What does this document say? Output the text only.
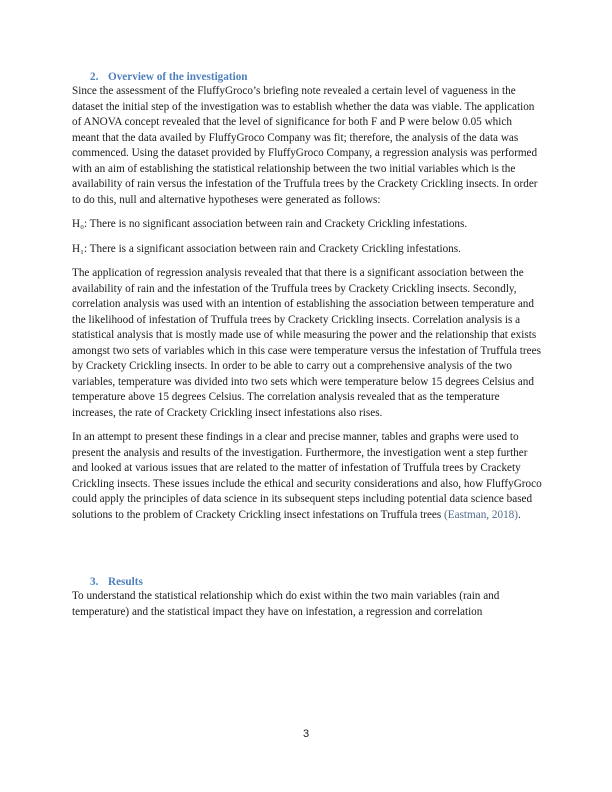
2. Overview of the investigation

Since the assessment of the FluffyGroco’s briefing note revealed a certain level of vagueness in the dataset the initial step of the investigation was to establish whether the data was viable. The application of ANOVA concept revealed that the level of significance for both F and P were below 0.05 which meant that the data availed by FluffyGroco Company was fit; therefore, the analysis of the data was commenced. Using the dataset provided by FluffyGroco Company, a regression analysis was performed with an aim of establishing the statistical relationship between the two initial variables which is the availability of rain versus the infestation of the Truffula trees by the Crackety Crickling insects. In order to do this, null and alternative hypotheses were generated as follows:

H₀: There is no significant association between rain and Crackety Crickling infestations.

H₁: There is a significant association between rain and Crackety Crickling infestations.

The application of regression analysis revealed that that there is a significant association between the availability of rain and the infestation of the Truffula trees by Crackety Crickling insects. Secondly, correlation analysis was used with an intention of establishing the association between temperature and the likelihood of infestation of Truffula trees by Crackety Crickling insects. Correlation analysis is a statistical analysis that is mostly made use of while measuring the power and the relationship that exists amongst two sets of variables which in this case were temperature versus the infestation of Truffula trees by Crackety Crickling insects. In order to be able to carry out a comprehensive analysis of the two variables, temperature was divided into two sets which were temperature below 15 degrees Celsius and temperature above 15 degrees Celsius. The correlation analysis revealed that as the temperature increases, the rate of Crackety Crickling insect infestations also rises.

In an attempt to present these findings in a clear and precise manner, tables and graphs were used to present the analysis and results of the investigation. Furthermore, the investigation went a step further and looked at various issues that are related to the matter of infestation of Truffula trees by Crackety Crickling insects. These issues include the ethical and security considerations and also, how FluffyGroco could apply the principles of data science in its subsequent steps including potential data science based solutions to the problem of Crackety Crickling insect infestations on Truffula trees (Eastman, 2018).

3. Results

To understand the statistical relationship which do exist within the two main variables (rain and temperature) and the statistical impact they have on infestation, a regression and correlation

3
